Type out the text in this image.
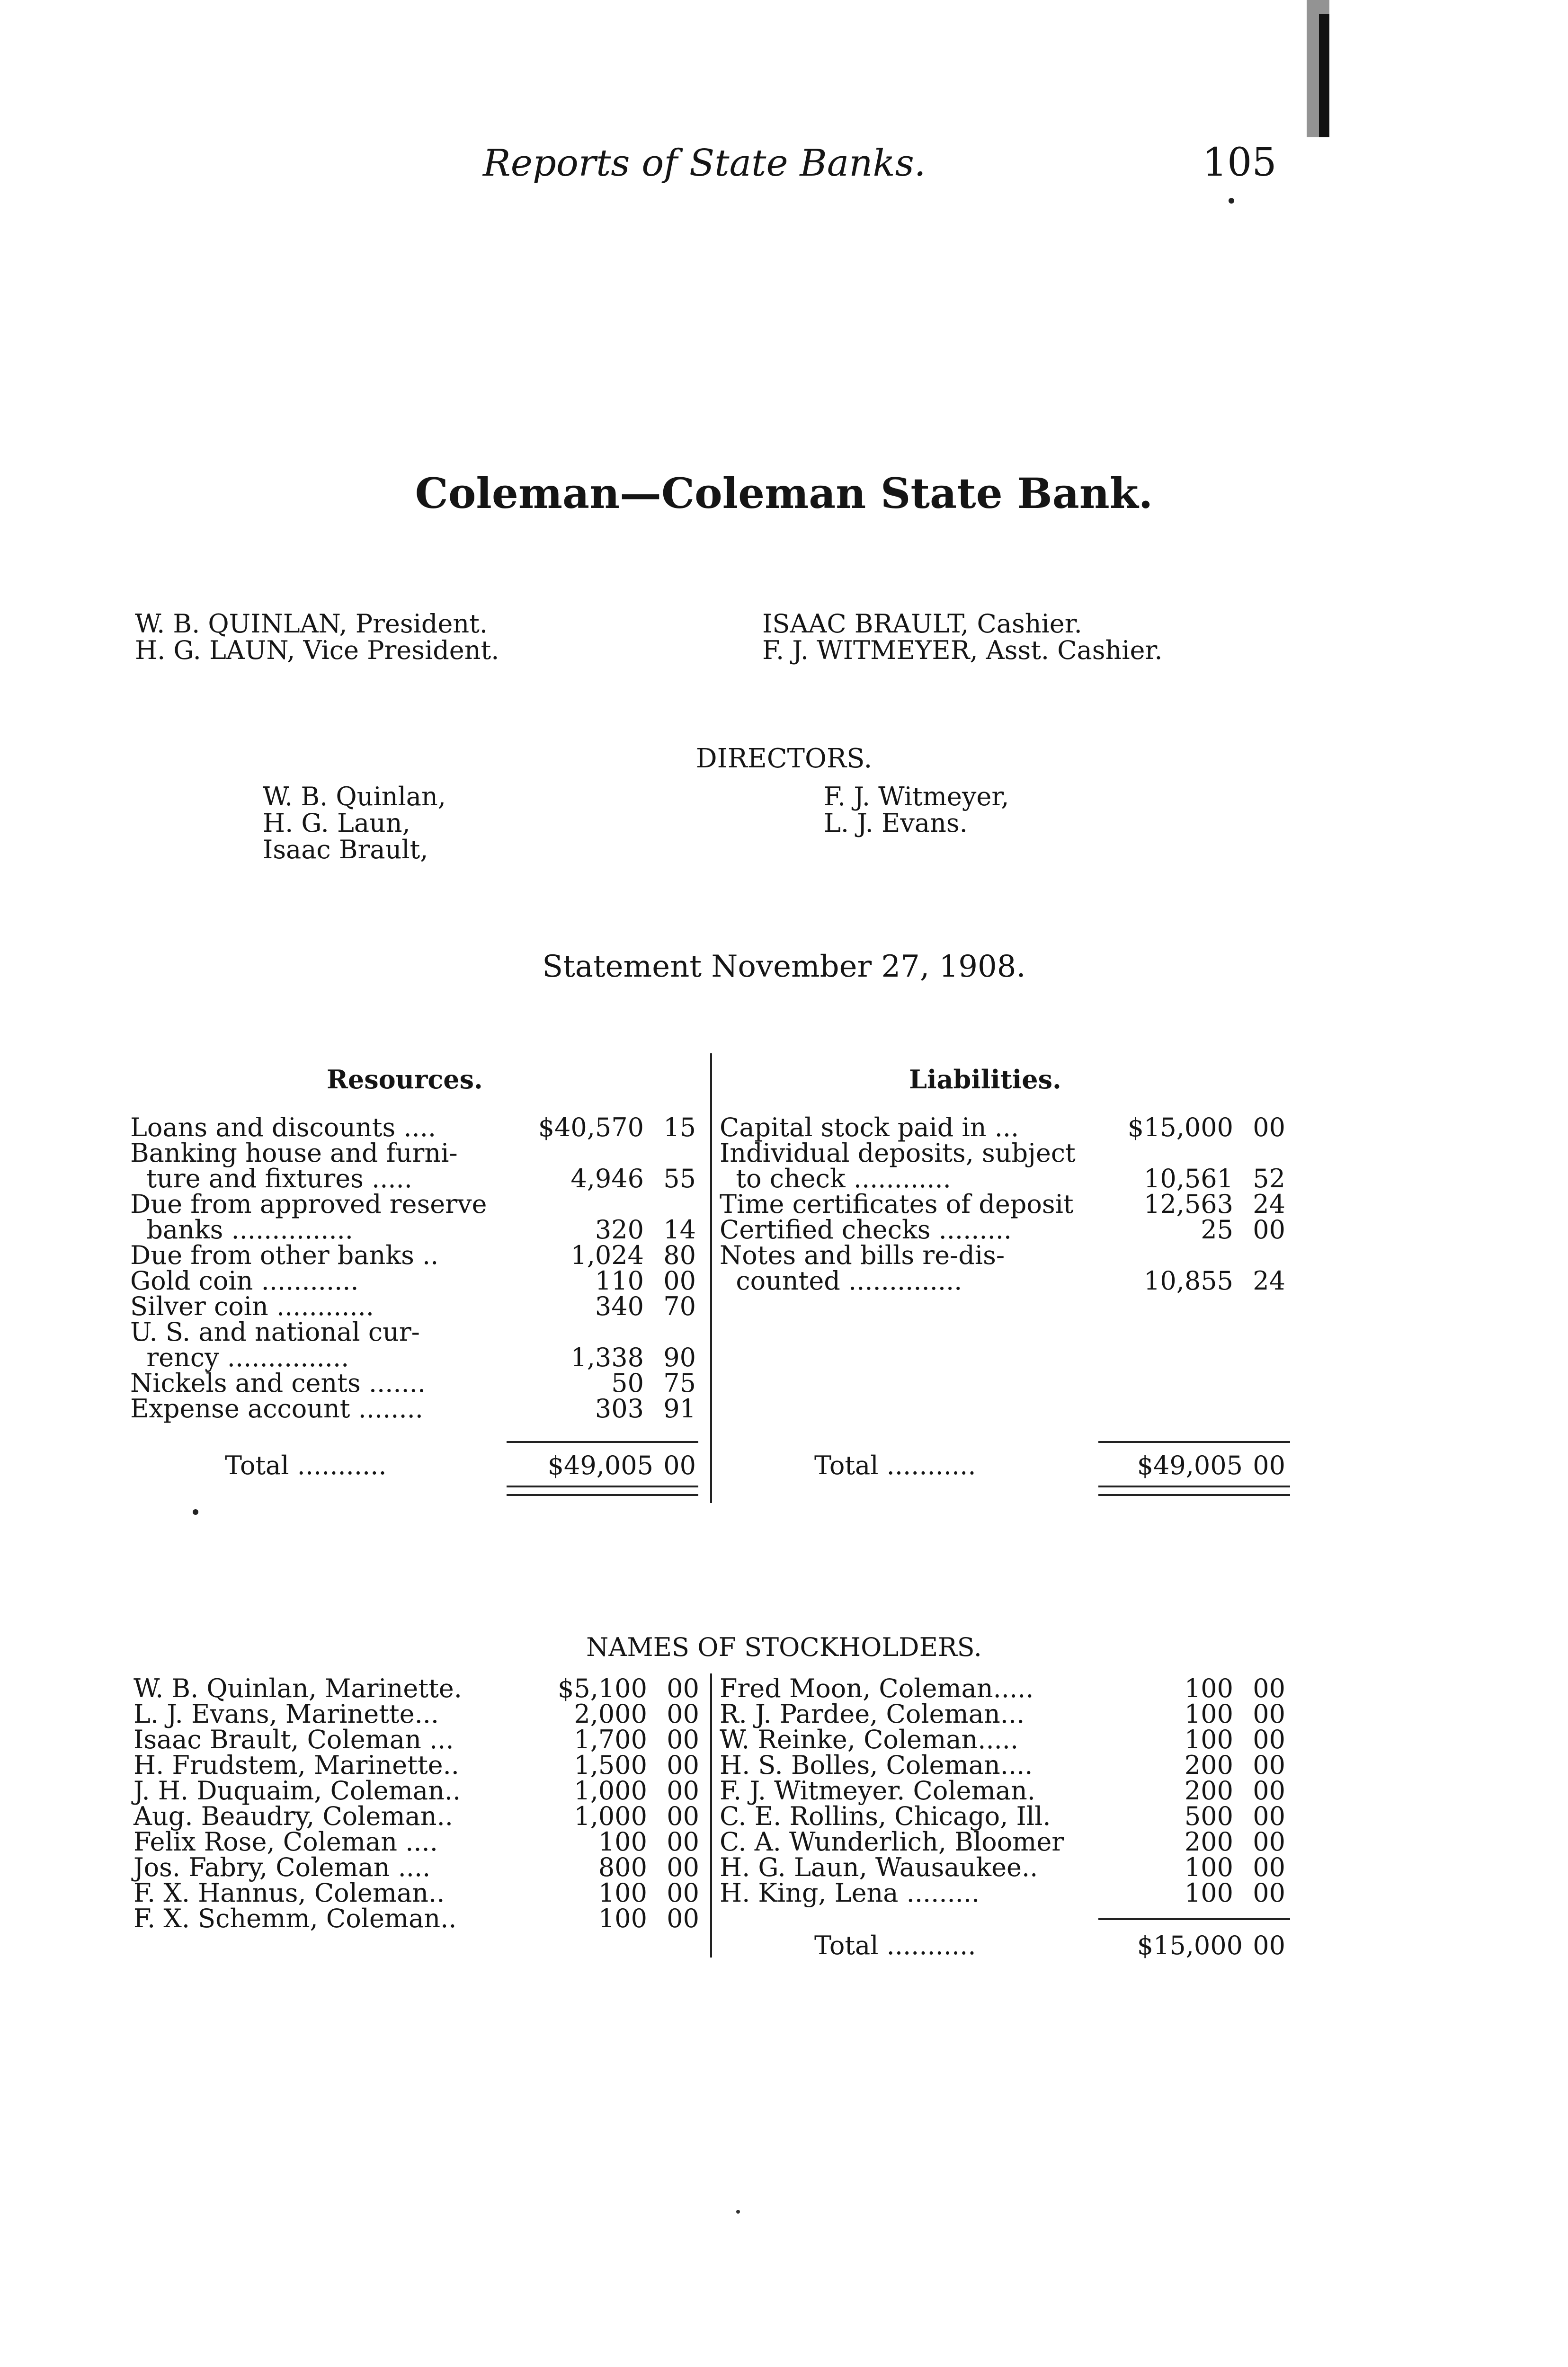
Reports of State Banks.	105
Coleman—Coleman State Bank.
W. B. QUINLAN, President.
H. G. LAUN, Vice President.
ISAAC BRAULT, Cashier.
F. J. WITMEYER, Asst. Cashier.
DIRECTORS.
W. B. Quinlan,
H. G. Laun,
Isaac Brault,
F. J. Witmeyer,
L. J. Evans.
Statement November 27, 1908.
Resources.	Liabilities.
Loans and discounts ....	$40,570 15
Banking house and furni-
ture and fixtures .....	4,946 55
Due from approved reserve
banks ...............	320 14
Due from other banks ..	1,024 80
Gold coin ............	110 00
Silver coin ............	340 70
U. S. and national cur-
rency ...............	1,338 90
Nickels and cents .......	50 75
Expense account ........	303 91
Capital stock paid in ...	$15,000 00
Individual deposits, subject
to check ............	10,561 52
Time certificates of deposit	12,563 24
Certified checks .........	25 00
Notes and bills re-dis-
counted ..............	10,855 24
Total ...........	$49,005 00	Total ...........	$49,005 00
NAMES OF STOCKHOLDERS.
W. B. Quinlan, Marinette.	$5,100 00
L. J. Evans, Marinette...	2,000 00
Isaac Brault, Coleman ...	1,700 00
H. Frudstem, Marinette..	1,500 00
J. H. Duquaim, Coleman..	1,000 00
Aug. Beaudry, Coleman..	1,000 00
Felix Rose, Coleman ....	100 00
Jos. Fabry, Coleman ....	800 00
F. X. Hannus, Coleman..	100 00
F. X. Schemm, Coleman..	100 00
Fred Moon, Coleman.....	100 00
R. J. Pardee, Coleman...	100 00
W. Reinke, Coleman.....	100 00
H. S. Bolles, Coleman....	200 00
F. J. Witmeyer. Coleman.	200 00
C. E. Rollins, Chicago, Ill.	500 00
C. A. Wunderlich, Bloomer	200 00
H. G. Laun, Wausaukee..	100 00
H. King, Lena .........	100 00
Total ...........	$15,000 00
